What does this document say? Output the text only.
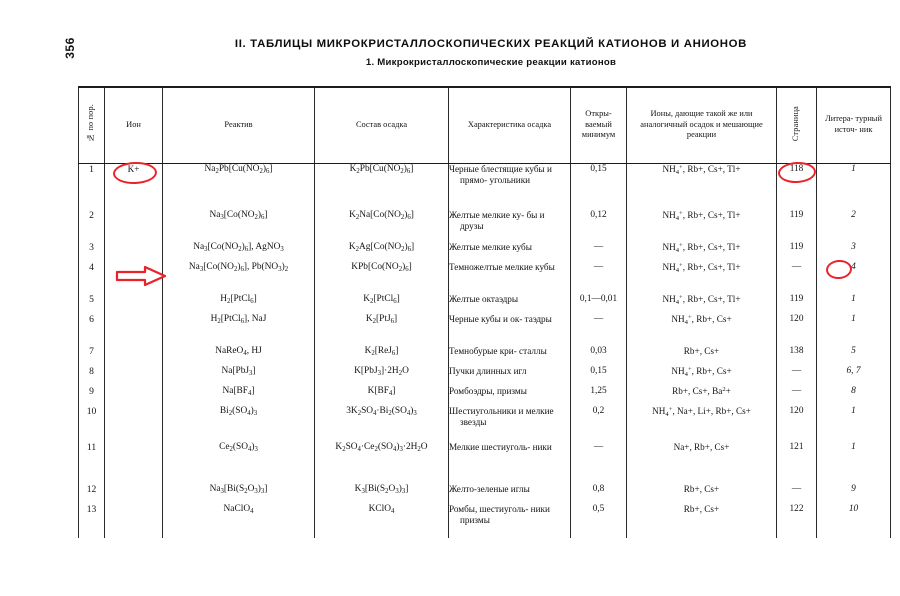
356	II. ТАБЛИЦЫ МИКРОКРИСТАЛЛОСКОПИЧЕСКИХ РЕАКЦИЙ КАТИОНОВ И АНИОНОВ
1. Микрокристаллоскопические реакции катионов
№ по пор.	Ион	Реактив	Состав осадка	Характеристика осадка	Откры- ваемый минимум	Ионы, дающие такой же или аналогичный осадок и мешающие реакции	Страница	Литера- турный источ- ник
1	K+	$Na_2Pb[Cu(NO_2)_6]$	$K_2Pb[Cu(NO_2)_6]$	Черные блестящие кубы и прямо- угольники	0,15	$NH_4^+$, Rb+, Cs+, Tl+	118	1
2		$Na_3[Co(NO_2)_6]$	$K_2Na[Co(NO_2)_6]$	Желтые мелкие ку- бы и друзы	0,12	$NH_4^+$, Rb+, Cs+, Tl+	119	2
3		$Na_3[Co(NO_2)_6]$, AgNO$_3$	$K_2Ag[Co(NO_2)_6]$	Желтые мелкие кубы	—	$NH_4^+$, Rb+, Cs+, Tl+	119	3
4		$Na_3[Co(NO_2)_6]$, $Pb(NO_3)_2$	$KPb[Co(NO_2)_6]$	Темножелтые мелкие кубы	—	$NH_4^+$, Rb+, Cs+, Tl+	—	4

5		$H_2[PtCl_6]$	$K_2[PtCl_6]$	Желтые октаэдры	0,1—0,01	$NH_4^+$, Rb+, Cs+, Tl+	119	1
6		$H_2[PtCl_6]$, NaJ	$K_2[PtJ_6]$	Черные кубы и ок- таэдры	—	$NH_4^+$, Rb+, Cs+	120	1
7		NaReO$_4$, HJ	$K_2[ReJ_6]$	Темнобурые кри- сталлы	0,03	Rb+, Cs+	138	5
8		Na[PbJ$_3$]	$K[PbJ_3]\cdot 2H_2O$	Пучки длинных игл	0,15	$NH_4^+$, Rb+, Cs+	—	6, 7
9		$Na[BF_4]$	$K[BF_4]$	Ромбоэдры, призмы	1,25	Rb+, Cs+, $Ba^2+$	—	8
10		$Bi_2(SO_4)_3$	$3K_2SO_4\cdot Bi_2(SO_4)_3$	Шестиугольники и мелкие звезды	0,2	$NH_4^+$, Na+, Li+, Rb+, Cs+	120	1
11		$Ce_2(SO_4)_3$	$K_2SO_4\cdot Ce_2(SO_4)_3\cdot 2H_2O$	Мелкие шестиуголь- ники	—	Na+, Rb+, Cs+	121	1
12		$Na_3[Bi(S_2O_3)_3]$	$K_3[Bi(S_2O_3)_3]$	Желто-зеленые иглы	0,8	Rb+, Cs+	—	9
13		NaClO$_4$	KClO$_4$	Ромбы, шестиуголь- ники призмы	0,5	Rb+, Cs+	122	10
